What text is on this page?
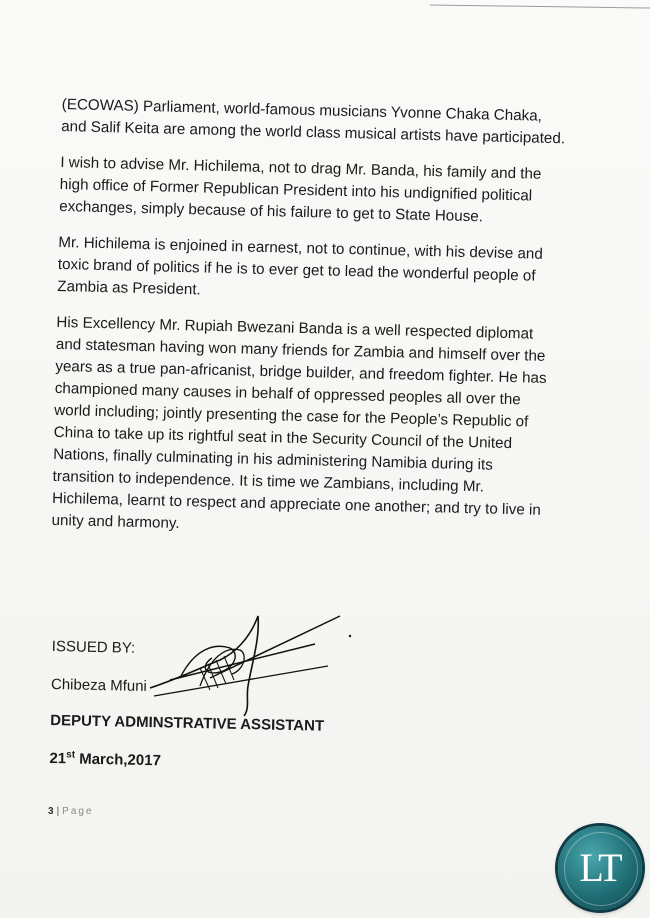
(ECOWAS) Parliament, world-famous musicians Yvonne Chaka Chaka, and Salif Keita are among the world class musical artists have participated.

I wish to advise Mr. Hichilema, not to drag Mr. Banda, his family and the high office of Former Republican President into his undignified political exchanges, simply because of his failure to get to State House.

Mr. Hichilema is enjoined in earnest, not to continue, with his devise and toxic brand of politics if he is to ever get to lead the wonderful people of Zambia as President.

His Excellency Mr. Rupiah Bwezani Banda is a well respected diplomat and statesman having won many friends for Zambia and himself over the years as a true pan-africanist, bridge builder, and freedom fighter. He has championed many causes in behalf of oppressed peoples all over the world including; jointly presenting the case for the People’s Republic of China to take up its rightful seat in the Security Council of the United Nations, finally culminating in his administering Namibia during its transition to independence. It is time we Zambians, including Mr. Hichilema, learnt to respect and appreciate one another; and try to live in unity and harmony.

ISSUED BY:
Chibeza Mfuni
DEPUTY ADMINSTRATIVE ASSISTANT
21st March,2017
3 | Page
LT
